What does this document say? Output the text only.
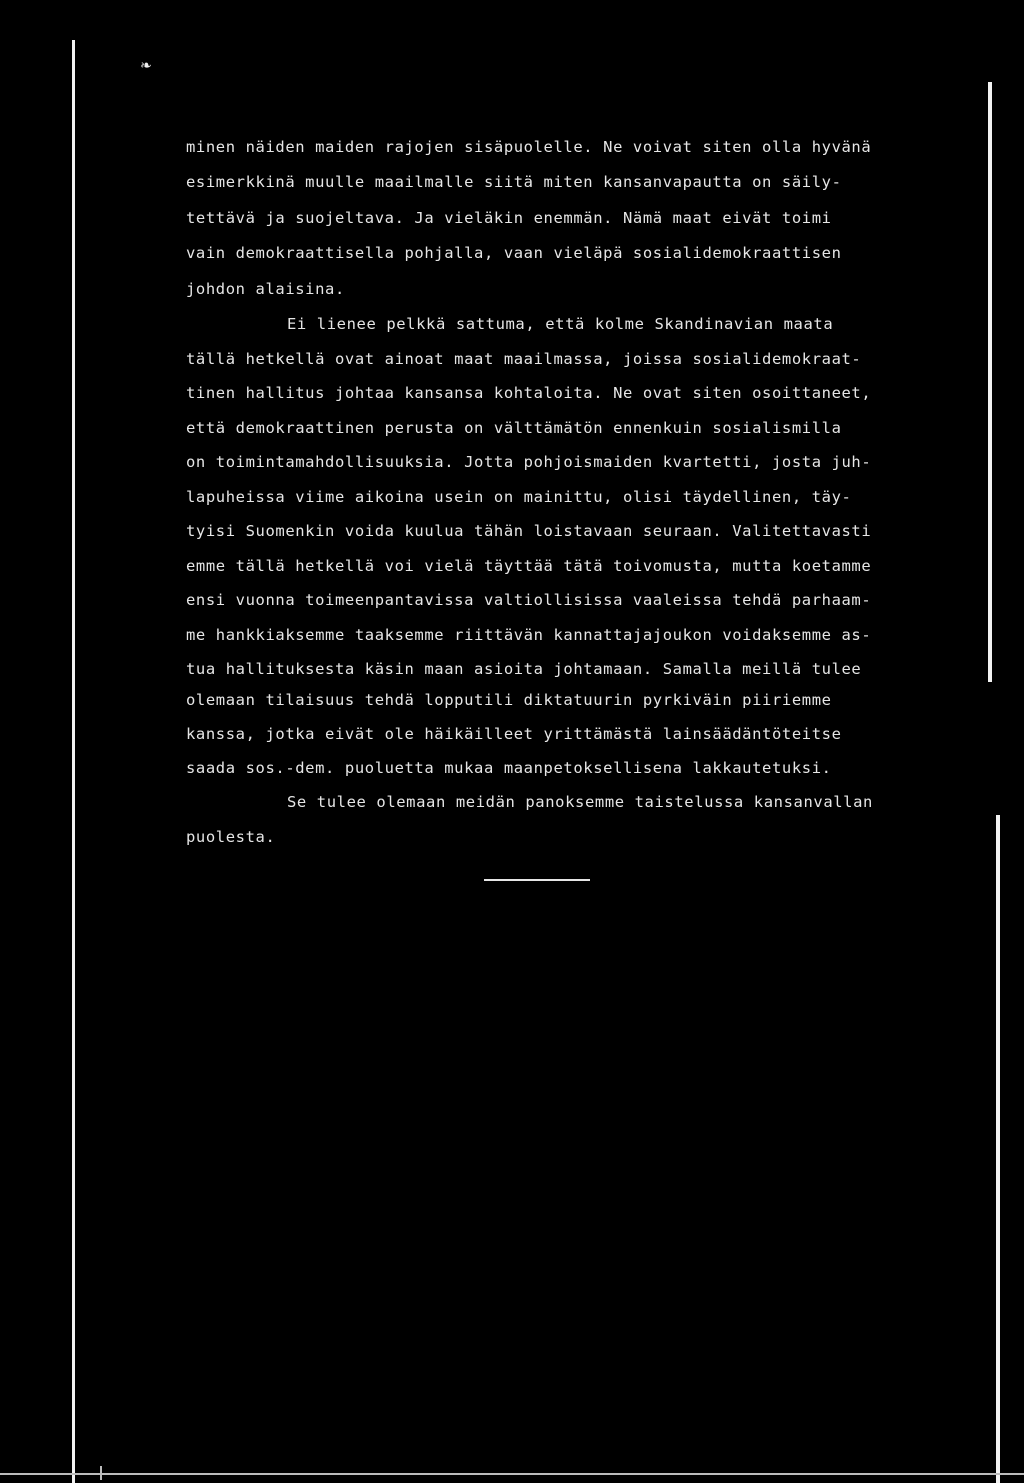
❧
minen näiden maiden rajojen sisäpuolelle. Ne voivat siten olla hyvänä
esimerkkinä muulle maailmalle siitä miten kansanvapautta on säily-
tettävä ja suojeltava. Ja vieläkin enemmän. Nämä maat eivät toimi
vain demokraattisella pohjalla, vaan vieläpä sosialidemokraattisen
johdon alaisina.
Ei lienee pelkkä sattuma, että kolme Skandinavian maata
tällä hetkellä ovat ainoat maat maailmassa, joissa sosialidemokraat-
tinen hallitus johtaa kansansa kohtaloita. Ne ovat siten osoittaneet,
että demokraattinen perusta on välttämätön ennenkuin sosialismilla
on toimintamahdollisuuksia. Jotta pohjoismaiden kvartetti, josta juh-
lapuheissa viime aikoina usein on mainittu, olisi täydellinen, täy-
tyisi Suomenkin voida kuulua tähän loistavaan seuraan. Valitettavasti
emme tällä hetkellä voi vielä täyttää tätä toivomusta, mutta koetamme
ensi vuonna toimeenpantavissa valtiollisissa vaaleissa tehdä parhaam-
me hankkiaksemme taaksemme riittävän kannattajajoukon voidaksemme as-
tua hallituksesta käsin maan asioita johtamaan. Samalla meillä tulee
olemaan tilaisuus tehdä lopputili diktatuurin pyrkiväin piiriemme
kanssa, jotka eivät ole häikäilleet yrittämästä lainsäädäntöteitse
saada sos.-dem. puoluetta mukaa maanpetoksellisena lakkautetuksi.
Se tulee olemaan meidän panoksemme taistelussa kansanvallan
puolesta.
